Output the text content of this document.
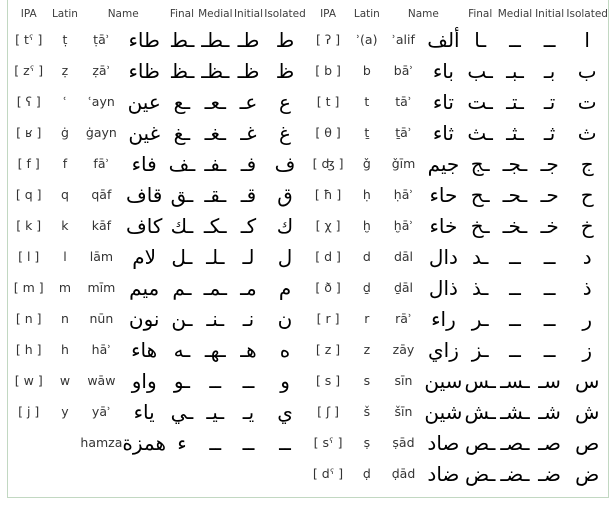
IPA	Latin	Name		Final	Medial	Initial	Isolated
[ tˤ ]	ṭ	ṭāʾ	طاء	ـط	ـطـ	طـ	ط
[ zˤ ]	ẓ	ẓāʾ	ظاء	ـظ	ـظـ	ظـ	ظ
[ ʕ ]	ʿ	ʿayn	عين	ـع	ـعـ	عـ	ع
[ ʁ ]	ġ	ġayn	غين	ـغ	ـغـ	غـ	غ
[ f ]	f	fāʾ	فاء	ـف	ـفـ	فـ	ف
[ q ]	q	qāf	قاف	ـق	ـقـ	قـ	ق
[ k ]	k	kāf	كاف	ـك	ـكـ	كـ	ك
[ l ]	l	lām	لام	ـل	ـلـ	لـ	ل
[ m ]	m	mīm	ميم	ـم	ـمـ	مـ	م
[ n ]	n	nūn	نون	ـن	ـنـ	نـ	ن
[ h ]	h	hāʾ	هاء	ـه	ـهـ	هـ	ه
[ w ]	w	wāw	واو	ـو	ــ	ــ	و
[ j ]	y	yāʾ	ياء	ـي	ـيـ	يـ	ي
		hamza	همزة	ء	ــ	ــ	ــ
IPA	Latin	Name		Final	Medial	Initial	Isolated
[ ʔ ]	ʾ(a)	ʾalif	ألف	ـا	ــ	ــ	ا
[ b ]	b	bāʾ	باء	ـب	ـبـ	بـ	ب
[ t ]	t	tāʾ	تاء	ـت	ـتـ	تـ	ت
[ θ ]	ṯ	ṯāʾ	ثاء	ـث	ـثـ	ثـ	ث
[ ʤ ]	ǧ	ǧīm	جيم	ـج	ـجـ	جـ	ج
[ ħ ]	ḥ	ḥāʾ	حاء	ـح	ـحـ	حـ	ح
[ χ ]	ḫ	ḫāʾ	خاء	ـخ	ـخـ	خـ	خ
[ d ]	d	dāl	دال	ـد	ــ	ــ	د
[ ð ]	ḏ	ḏāl	ذال	ـذ	ــ	ــ	ذ
[ r ]	r	rāʾ	راء	ـر	ــ	ــ	ر
[ z ]	z	zāy	زاي	ـز	ــ	ــ	ز
[ s ]	s	sīn	سين	ـس	ـسـ	سـ	س
[ ʃ ]	š	šīn	شين	ـش	ـشـ	شـ	ش
[ sˤ ]	ṣ	ṣād	صاد	ـص	ـصـ	صـ	ص
[ dˤ ]	ḍ	ḍād	ضاد	ـض	ـضـ	ضـ	ض
